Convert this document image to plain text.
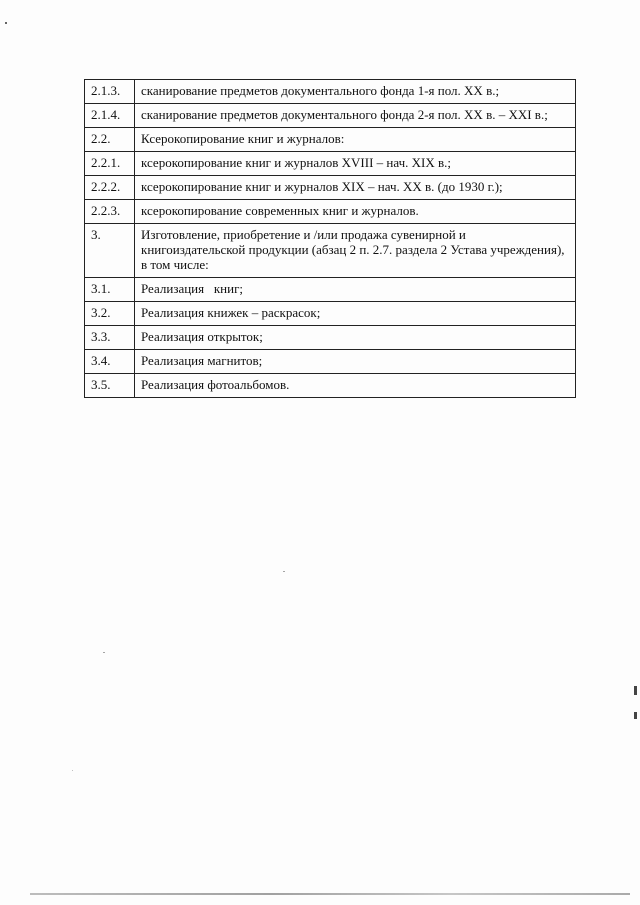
2.1.3.	сканирование предметов документального фонда 1-я пол. XX в.;
2.1.4.	сканирование предметов документального фонда 2-я пол. XX в. – XXI в.;
2.2.	Ксерокопирование книг и журналов:
2.2.1.	ксерокопирование книг и журналов XVIII – нач. XIX в.;
2.2.2.	ксерокопирование книг и журналов XIX – нач. XX в. (до 1930 г.);
2.2.3.	ксерокопирование современных книг и журналов.
3.	Изготовление, приобретение и /или продажа сувенирной и книгоиздательской продукции (абзац 2 п. 2.7. раздела 2 Устава учреждения), в том числе:
3.1.	Реализация   книг;
3.2.	Реализация книжек – раскрасок;
3.3.	Реализация открыток;
3.4.	Реализация магнитов;
3.5.	Реализация фотоальбомов.
